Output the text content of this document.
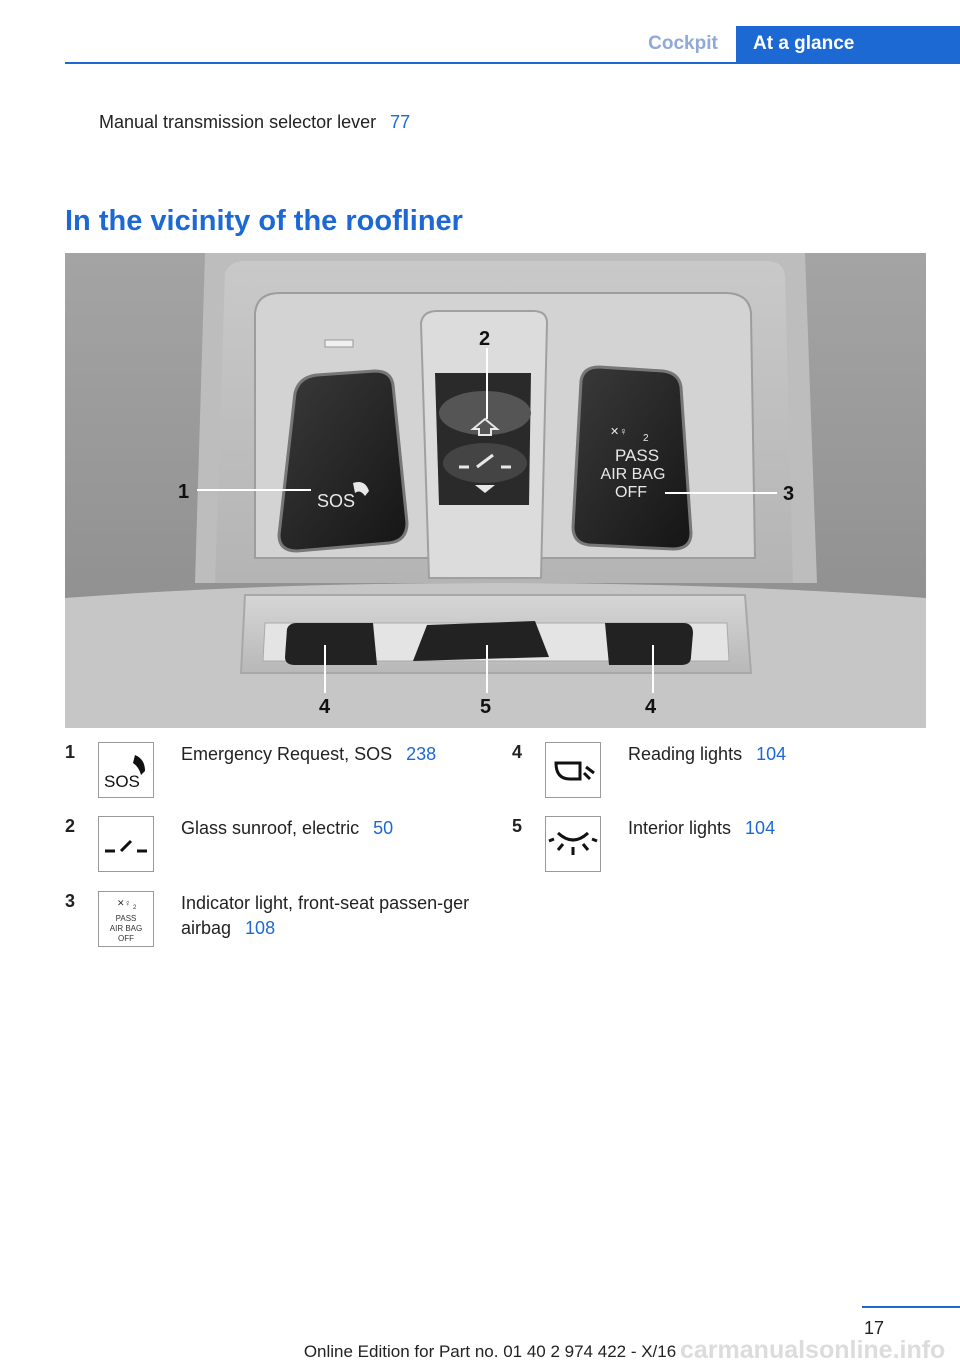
Cockpit	At a glance
Manual transmission selector lever 77
In the vicinity of the roofliner
SOS
✕♀
2
PASS
AIR BAG
OFF
1
2
3
4	5	4
1
SOS
Emergency Request, SOS 238
2	Glass sunroof, electric 50
3	✕♀ 2
PASS
AIR BAG
OFF
Indicator light, front-seat passen-ger airbag 108
4	Reading lights 104
5	Interior lights 104
17
carmanualsonline.info
Online Edition for Part no. 01 40 2 974 422 - X/16
